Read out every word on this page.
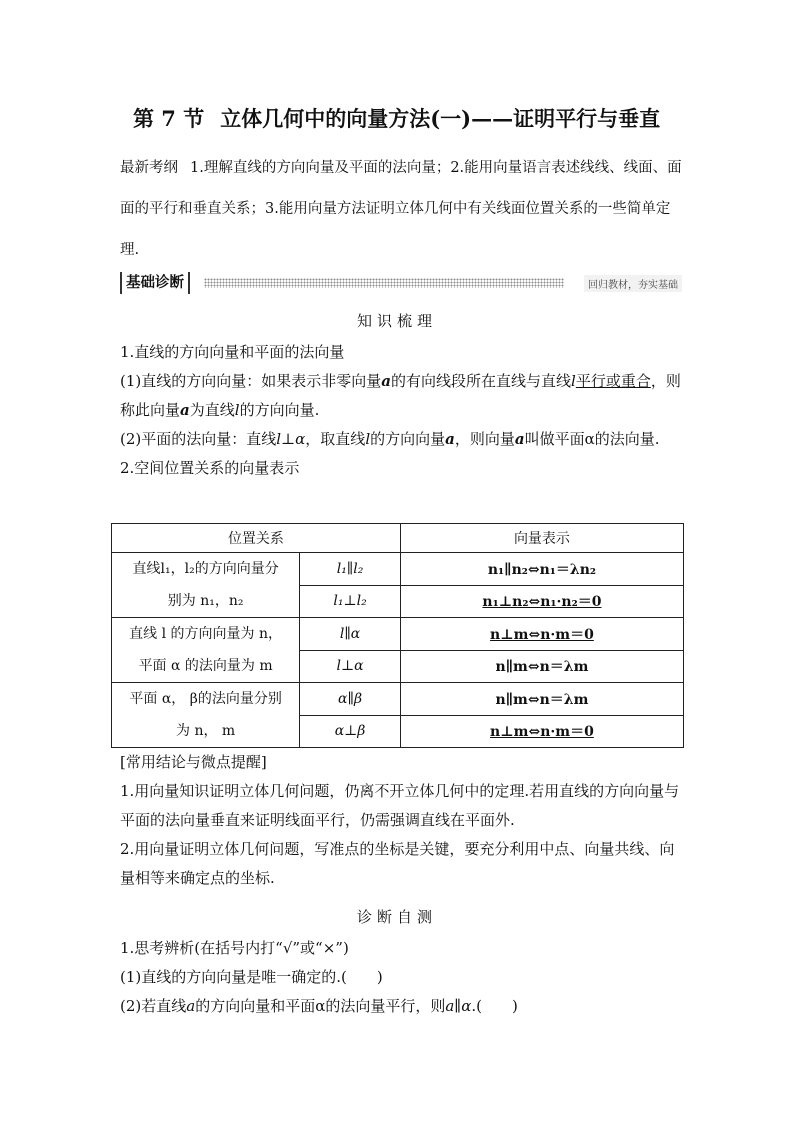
第 7 节 立体几何中的向量方法(一)——证明平行与垂直
最新考纲 1.理解直线的方向向量及平面的法向量；2.能用向量语言表述线线、线面、面面的平行和垂直关系；3.能用向量方法证明立体几何中有关线面位置关系的一些简单定理.
基础诊断	回归教材，夯实基础
知识梳理

1.直线的方向向量和平面的法向量

(1)直线的方向向量：如果表示非零向量a的有向线段所在直线与直线l平行或重合，则称此向量a为直线l的方向向量.

(2)平面的法向量：直线l⊥α，取直线l的方向向量a，则向量a叫做平面α的法向量.

2.空间位置关系的向量表示

位置关系		向量表示

直线l₁，l₂的方向向量分
别为 n₁，n₂	l₁∥l₂	n₁∥n₂⇔n₁＝λn₂
	l₁⊥l₂	n₁⊥n₂⇔n₁·n₂＝0

直线 l 的方向向量为 n，
平面 α 的法向量为 m	l∥α	n⊥m⇔n·m＝0
	l⊥α	n∥m⇔n＝λm

平面 α， β的法向量分别
为 n， m	α∥β	n∥m⇔n＝λm
	α⊥β	n⊥m⇔n·m＝0

[常用结论与微点提醒]

1.用向量知识证明立体几何问题，仍离不开立体几何中的定理.若用直线的方向向量与平面的法向量垂直来证明线面平行，仍需强调直线在平面外.

2.用向量证明立体几何问题，写准点的坐标是关键，要充分利用中点、向量共线、向量相等来确定点的坐标.

诊断自测

1.思考辨析(在括号内打“√”或“×”)

(1)直线的方向向量是唯一确定的.(　　)

(2)若直线a的方向向量和平面α的法向量平行，则a∥α.(　　)
